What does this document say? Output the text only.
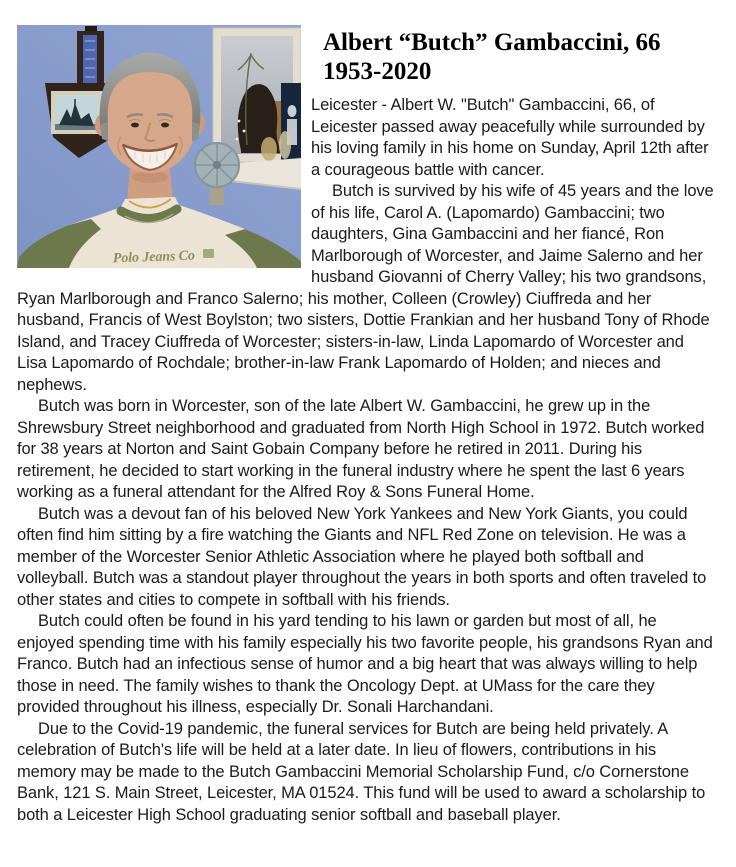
Polo Jeans Co
Albert “Butch” Gambaccini, 66
1953-2020

Leicester - Albert W. "Butch" Gambaccini, 66, of Leicester passed away peacefully while surrounded by his loving family in his home on Sunday, April 12th after a courageous battle with cancer.

Butch is survived by his wife of 45 years and the love of his life, Carol A. (Lapomardo) Gambaccini; two daughters, Gina Gambaccini and her fiancé, Ron Marlborough of Worcester, and Jaime Salerno and her husband Giovanni of Cherry Valley; his two grandsons, Ryan Marlborough and Franco Salerno; his mother, Colleen (Crowley) Ciuffreda and her husband, Francis of West Boylston; two sisters, Dottie Frankian and her husband Tony of Rhode Island, and Tracey Ciuffreda of Worcester; sisters-in-law, Linda Lapomardo of Worcester and Lisa Lapomardo of Rochdale; brother-in-law Frank Lapomardo of Holden; and nieces and nephews.

Butch was born in Worcester, son of the late Albert W. Gambaccini, he grew up in the Shrewsbury Street neighborhood and graduated from North High School in 1972. Butch worked for 38 years at Norton and Saint Gobain Company before he retired in 2011. During his retirement, he decided to start working in the funeral industry where he spent the last 6 years working as a funeral attendant for the Alfred Roy & Sons Funeral Home.

Butch was a devout fan of his beloved New York Yankees and New York Giants, you could often find him sitting by a fire watching the Giants and NFL Red Zone on television. He was a member of the Worcester Senior Athletic Association where he played both softball and volleyball. Butch was a standout player throughout the years in both sports and often traveled to other states and cities to compete in softball with his friends.

Butch could often be found in his yard tending to his lawn or garden but most of all, he enjoyed spending time with his family especially his two favorite people, his grandsons Ryan and Franco. Butch had an infectious sense of humor and a big heart that was always willing to help those in need. The family wishes to thank the Oncology Dept. at UMass for the care they provided throughout his illness, especially Dr. Sonali Harchandani.

Due to the Covid-19 pandemic, the funeral services for Butch are being held privately. A celebration of Butch's life will be held at a later date. In lieu of flowers, contributions in his memory may be made to the Butch Gambaccini Memorial Scholarship Fund, c/o Cornerstone Bank, 121 S. Main Street, Leicester, MA 01524. This fund will be used to award a scholarship to both a Leicester High School graduating senior softball and baseball player.
